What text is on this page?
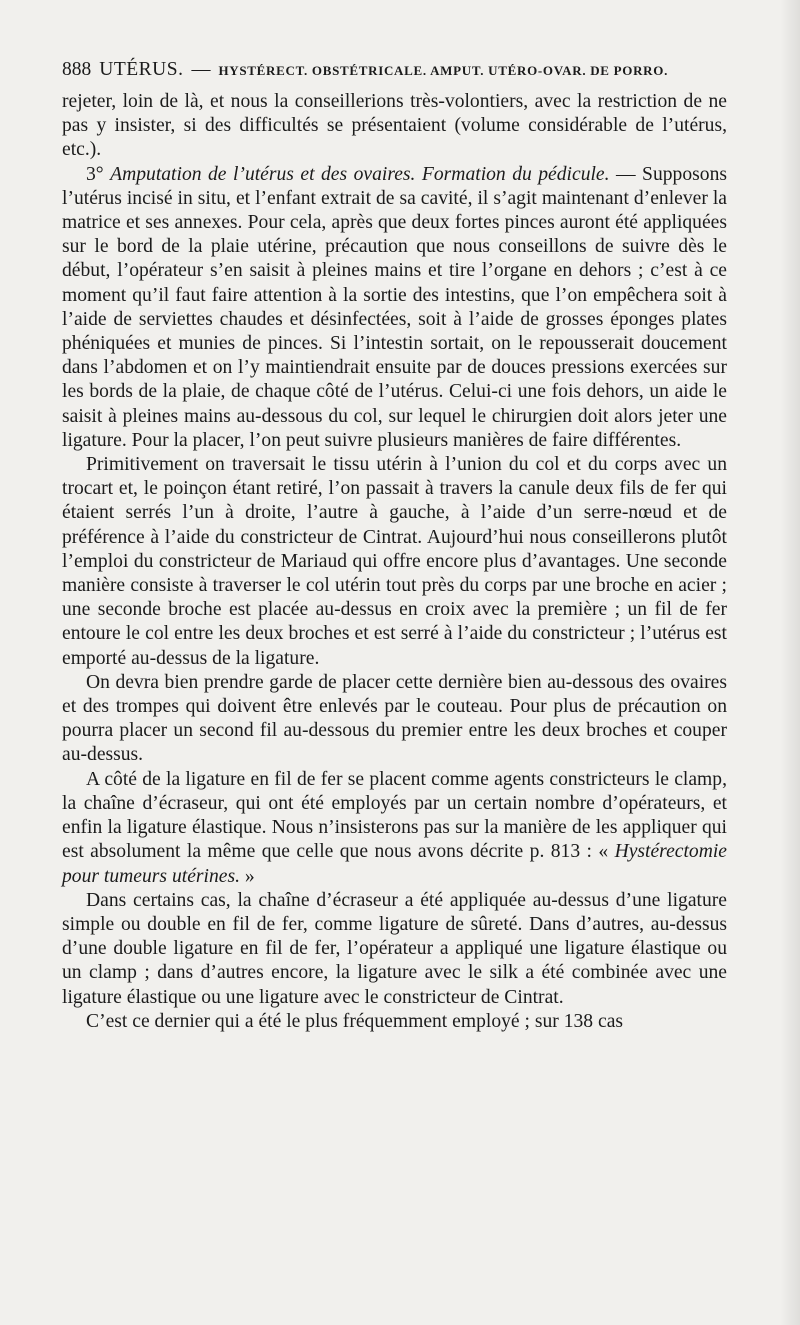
888 UTÉRUS. — HYSTÉRECT. OBSTÉTRICALE. AMPUT. UTÉRO-OVAR. DE PORRO.

rejeter, loin de là, et nous la conseillerions très-volontiers, avec la restriction de ne pas y insister, si des difficultés se présentaient (volume considérable de l’utérus, etc.).

3° Amputation de l’utérus et des ovaires. Formation du pédicule. — Supposons l’utérus incisé in situ, et l’enfant extrait de sa cavité, il s’agit maintenant d’enlever la matrice et ses annexes. Pour cela, après que deux fortes pinces auront été appliquées sur le bord de la plaie utérine, précaution que nous conseillons de suivre dès le début, l’opérateur s’en saisit à pleines mains et tire l’organe en dehors ; c’est à ce moment qu’il faut faire attention à la sortie des intestins, que l’on empêchera soit à l’aide de serviettes chaudes et désinfectées, soit à l’aide de grosses éponges plates phéniquées et munies de pinces. Si l’intestin sortait, on le repousserait doucement dans l’abdomen et on l’y maintiendrait ensuite par de douces pressions exercées sur les bords de la plaie, de chaque côté de l’utérus. Celui-ci une fois dehors, un aide le saisit à pleines mains au-dessous du col, sur lequel le chirurgien doit alors jeter une ligature. Pour la placer, l’on peut suivre plusieurs manières de faire différentes.

Primitivement on traversait le tissu utérin à l’union du col et du corps avec un trocart et, le poinçon étant retiré, l’on passait à travers la canule deux fils de fer qui étaient serrés l’un à droite, l’autre à gauche, à l’aide d’un serre-nœud et de préférence à l’aide du constricteur de Cintrat. Aujourd’hui nous conseillerons plutôt l’emploi du constricteur de Mariaud qui offre encore plus d’avantages. Une seconde manière consiste à traverser le col utérin tout près du corps par une broche en acier ; une seconde broche est placée au-dessus en croix avec la première ; un fil de fer entoure le col entre les deux broches et est serré à l’aide du constricteur ; l’utérus est emporté au-dessus de la ligature.

On devra bien prendre garde de placer cette dernière bien au-dessous des ovaires et des trompes qui doivent être enlevés par le couteau. Pour plus de précaution on pourra placer un second fil au-dessous du premier entre les deux broches et couper au-dessus.

A côté de la ligature en fil de fer se placent comme agents constricteurs le clamp, la chaîne d’écraseur, qui ont été employés par un certain nombre d’opérateurs, et enfin la ligature élastique. Nous n’insisterons pas sur la manière de les appliquer qui est absolument la même que celle que nous avons décrite p. 813 : « Hystérectomie pour tumeurs utérines. »

Dans certains cas, la chaîne d’écraseur a été appliquée au-dessus d’une ligature simple ou double en fil de fer, comme ligature de sûreté. Dans d’autres, au-dessus d’une double ligature en fil de fer, l’opérateur a appliqué une ligature élastique ou un clamp ; dans d’autres encore, la ligature avec le silk a été combinée avec une ligature élastique ou une ligature avec le constricteur de Cintrat.

C’est ce dernier qui a été le plus fréquemment employé ; sur 138 cas
